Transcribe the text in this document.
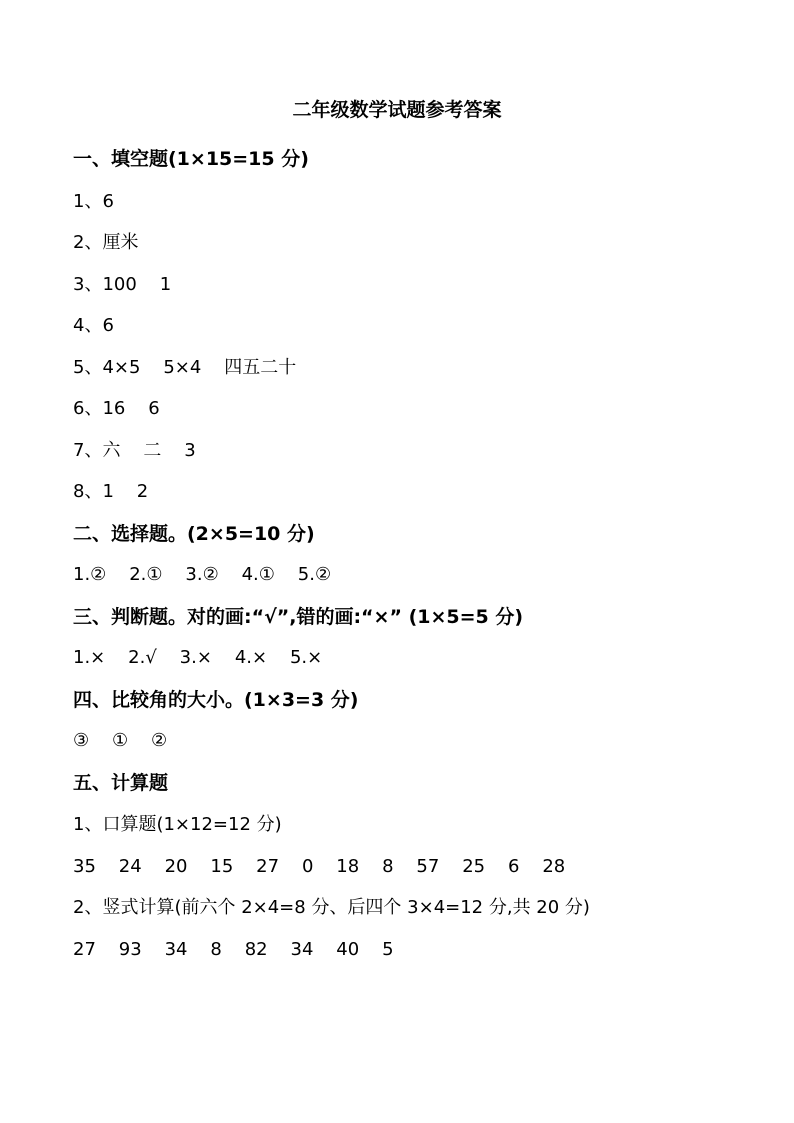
二年级数学试题参考答案
一、填空题(1×15=15 分)
1、6
2、厘米
3、100    1
4、6
5、4×5    5×4    四五二十
6、16    6
7、六    二    3
8、1    2
二、选择题。(2×5=10 分)
1.②    2.①    3.②    4.①    5.②
三、判断题。对的画:“√”,错的画:“×” (1×5=5 分)
1.×    2.√    3.×    4.×    5.×
四、比较角的大小。(1×3=3 分)
③    ①    ②
五、计算题
1、口算题(1×12=12 分)
35    24    20    15    27    0    18    8    57    25    6    28
2、竖式计算(前六个 2×4=8 分、后四个 3×4=12 分,共 20 分)
27    93    34    8    82    34    40    5
